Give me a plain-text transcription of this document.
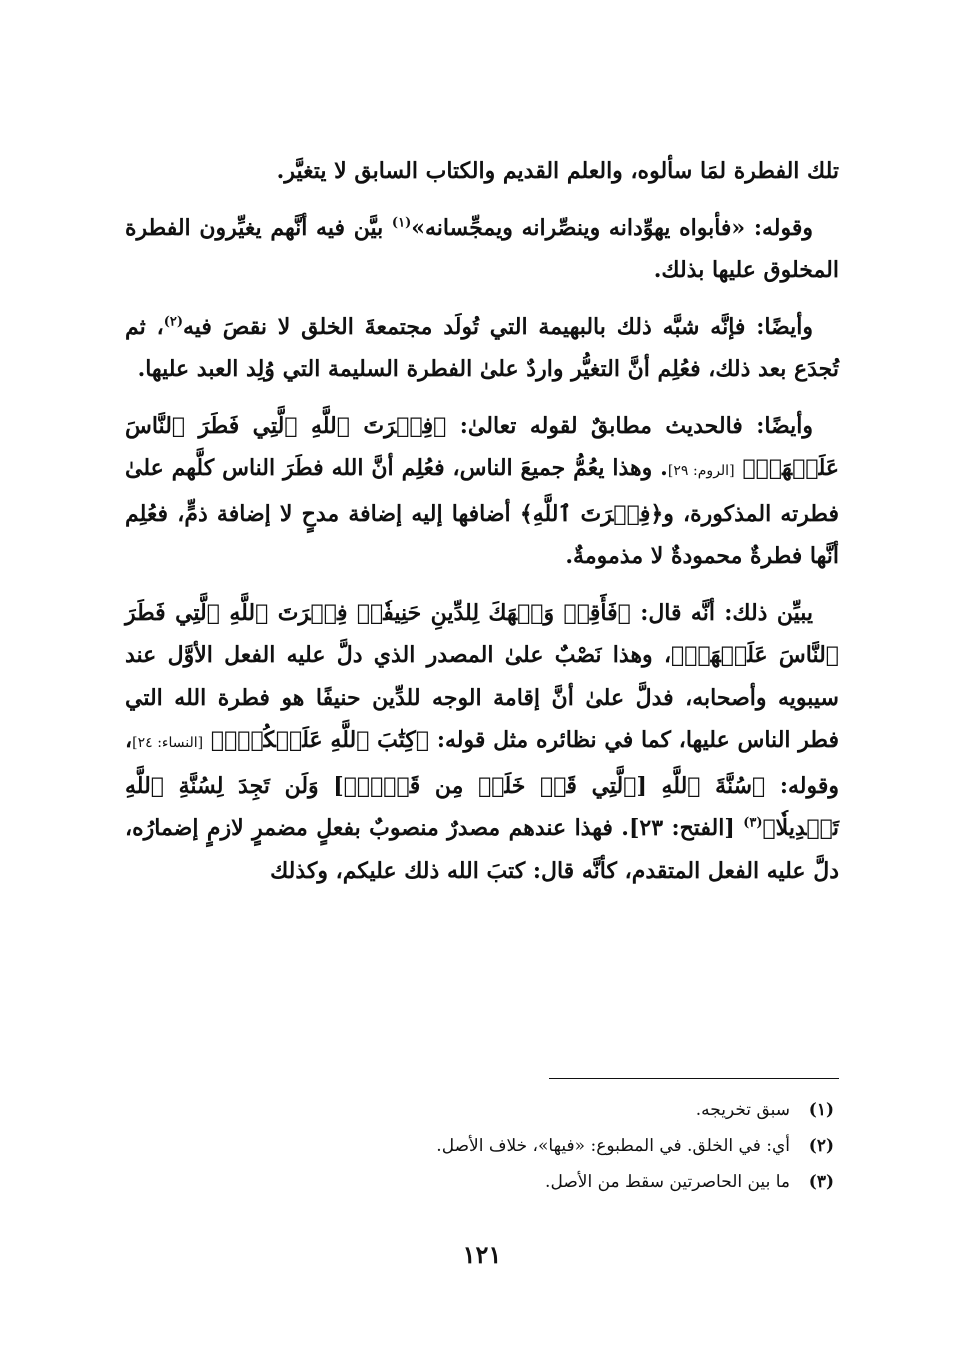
تلك الفطرة لمَا سألوه، والعلم القديم والكتاب السابق لا يتغيَّر.

وقوله: «فأبواه يهوِّدانه وينصِّرانه ويمجِّسانه»$^{(١)}$ بيَّن فيه أنَّهم يغيِّرون الفطرة المخلوق عليها بذلك.

وأيضًا: فإنَّه شبَّه ذلك بالبهيمة التي تُولَد مجتمعةَ الخلق لا نقصَ فيه$^{(٢)}$، ثم تُجدَع بعد ذلك، فعُلِم أنَّ التغيُّر واردٌ علىٰ الفطرة السليمة التي وُلِد العبد عليها.

وأيضًا: فالحديث مطابقٌ لقوله تعالىٰ: ﴿فِطۡرَتَ ٱللَّهِ ٱلَّتِي فَطَرَ ٱلنَّاسَ عَلَيۡهَاۚ﴾ [الروم: ٢٩]. وهذا يعُمُّ جميعَ الناس، فعُلِم أنَّ الله فطَرَ الناس كلَّهم علىٰ فطرته المذكورة، و﴿فِطۡرَتَ ٱللَّهِ﴾ أضافها إليه إضافة مدحٍ لا إضافة ذمٍّ، فعُلِم أنَّها فطرةٌ محمودةٌ لا مذمومةٌ.

يبيِّن ذلك: أنَّه قال: ﴿فَأَقِمۡ وَجۡهَكَ لِلدِّينِ حَنِيفٗاۚ فِطۡرَتَ ٱللَّهِ ٱلَّتِي فَطَرَ ٱلنَّاسَ عَلَيۡهَاۚ﴾، وهذا نَصْبٌ علىٰ المصدر الذي دلَّ عليه الفعل الأوَّل عند سيبويه وأصحابه، فدلَّ علىٰ أنَّ إقامة الوجه للدِّين حنيفًا هو فطرة الله التي فطر الناس عليها، كما في نظائره مثل قوله: ﴿كِتَٰبَ ٱللَّهِ عَلَيۡكُمۡۚ﴾ [النساء: ٢٤]، وقوله: ﴿سُنَّةَ ٱللَّهِ [ٱلَّتِي قَدۡ خَلَتۡ مِن قَبۡلُۖ] وَلَن تَجِدَ لِسُنَّةِ ٱللَّهِ تَبۡدِيلٗا﴾$^{(٣)}$ [الفتح: ٢٣]. فهذا عندهم مصدرٌ منصوبٌ بفعلٍ مضمرٍ لازمٍ إضمارُه، دلَّ عليه الفعل المتقدم، كأنَّه قال: كتبَ الله ذلك عليكم، وكذلك

(١)
سبق تخريجه.
(٢)
أي: في الخلق. في المطبوع: «فيها»، خلاف الأصل.
(٣)
ما بين الحاصرتين سقط من الأصل.
١٢١
